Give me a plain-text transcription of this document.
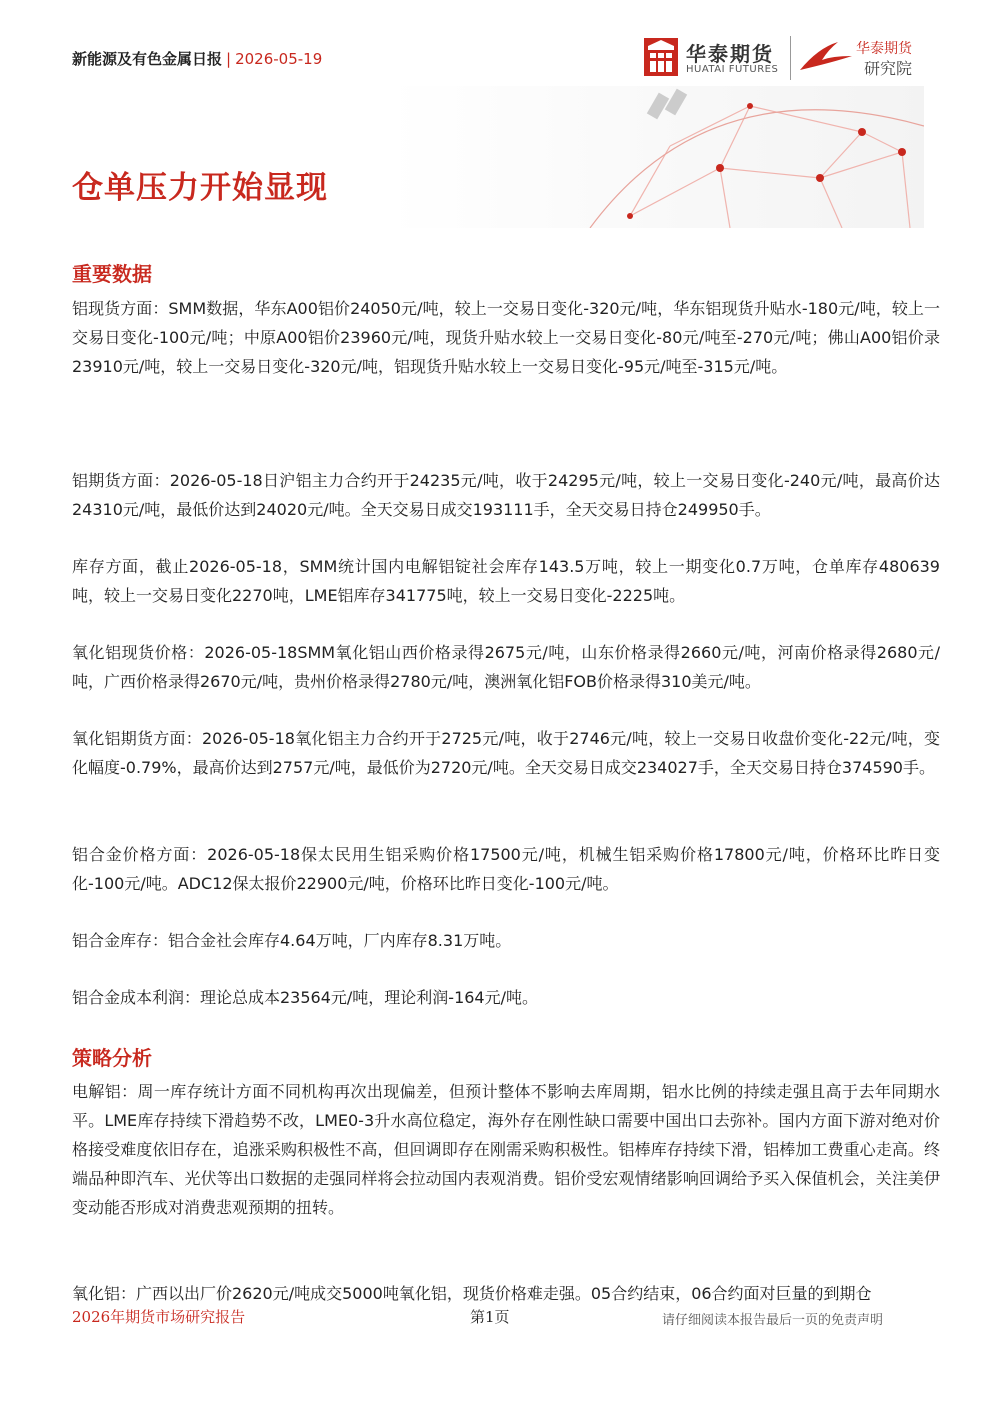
新能源及有色金属日报 | 2026-05-19	华泰期货
HUATAI FUTURES
华泰期货
研究院
仓单压力开始显现
重要数据

铝现货方面：SMM数据，华东A00铝价24050元/吨，较上一交易日变化-320元/吨，华东铝现货升贴水-180元/吨，较上一交易日变化-100元/吨；中原A00铝价23960元/吨，现货升贴水较上一交易日变化-80元/吨至-270元/吨；佛山A00铝价录23910元/吨，较上一交易日变化-320元/吨，铝现货升贴水较上一交易日变化-95元/吨至-315元/吨。

铝期货方面：2026-05-18日沪铝主力合约开于24235元/吨，收于24295元/吨，较上一交易日变化-240元/吨，最高价达24310元/吨，最低价达到24020元/吨。全天交易日成交193111手，全天交易日持仓249950手。

库存方面，截止2026-05-18，SMM统计国内电解铝锭社会库存143.5万吨，较上一期变化0.7万吨，仓单库存480639吨，较上一交易日变化2270吨，LME铝库存341775吨，较上一交易日变化-2225吨。

氧化铝现货价格：2026-05-18SMM氧化铝山西价格录得2675元/吨，山东价格录得2660元/吨，河南价格录得2680元/吨，广西价格录得2670元/吨，贵州价格录得2780元/吨，澳洲氧化铝FOB价格录得310美元/吨。

氧化铝期货方面：2026-05-18氧化铝主力合约开于2725元/吨，收于2746元/吨，较上一交易日收盘价变化-22元/吨，变化幅度-0.79%，最高价达到2757元/吨，最低价为2720元/吨。全天交易日成交234027手，全天交易日持仓374590手。

铝合金价格方面：2026-05-18保太民用生铝采购价格17500元/吨，机械生铝采购价格17800元/吨，价格环比昨日变化-100元/吨。ADC12保太报价22900元/吨，价格环比昨日变化-100元/吨。

铝合金库存：铝合金社会库存4.64万吨，厂内库存8.31万吨。

铝合金成本利润：理论总成本23564元/吨，理论利润-164元/吨。

策略分析

电解铝：周一库存统计方面不同机构再次出现偏差，但预计整体不影响去库周期，铝水比例的持续走强且高于去年同期水平。LME库存持续下滑趋势不改，LME0-3升水高位稳定，海外存在刚性缺口需要中国出口去弥补。国内方面下游对绝对价格接受难度依旧存在，追涨采购积极性不高，但回调即存在刚需采购积极性。铝棒库存持续下滑，铝棒加工费重心走高。终端品种即汽车、光伏等出口数据的走强同样将会拉动国内表观消费。铝价受宏观情绪影响回调给予买入保值机会，关注美伊变动能否形成对消费悲观预期的扭转。

氧化铝：广西以出厂价2620元/吨成交5000吨氧化铝，现货价格难走强。05合约结束，06合约面对巨量的到期仓

2026年期货市场研究报告	第1页	请仔细阅读本报告最后一页的免责声明
